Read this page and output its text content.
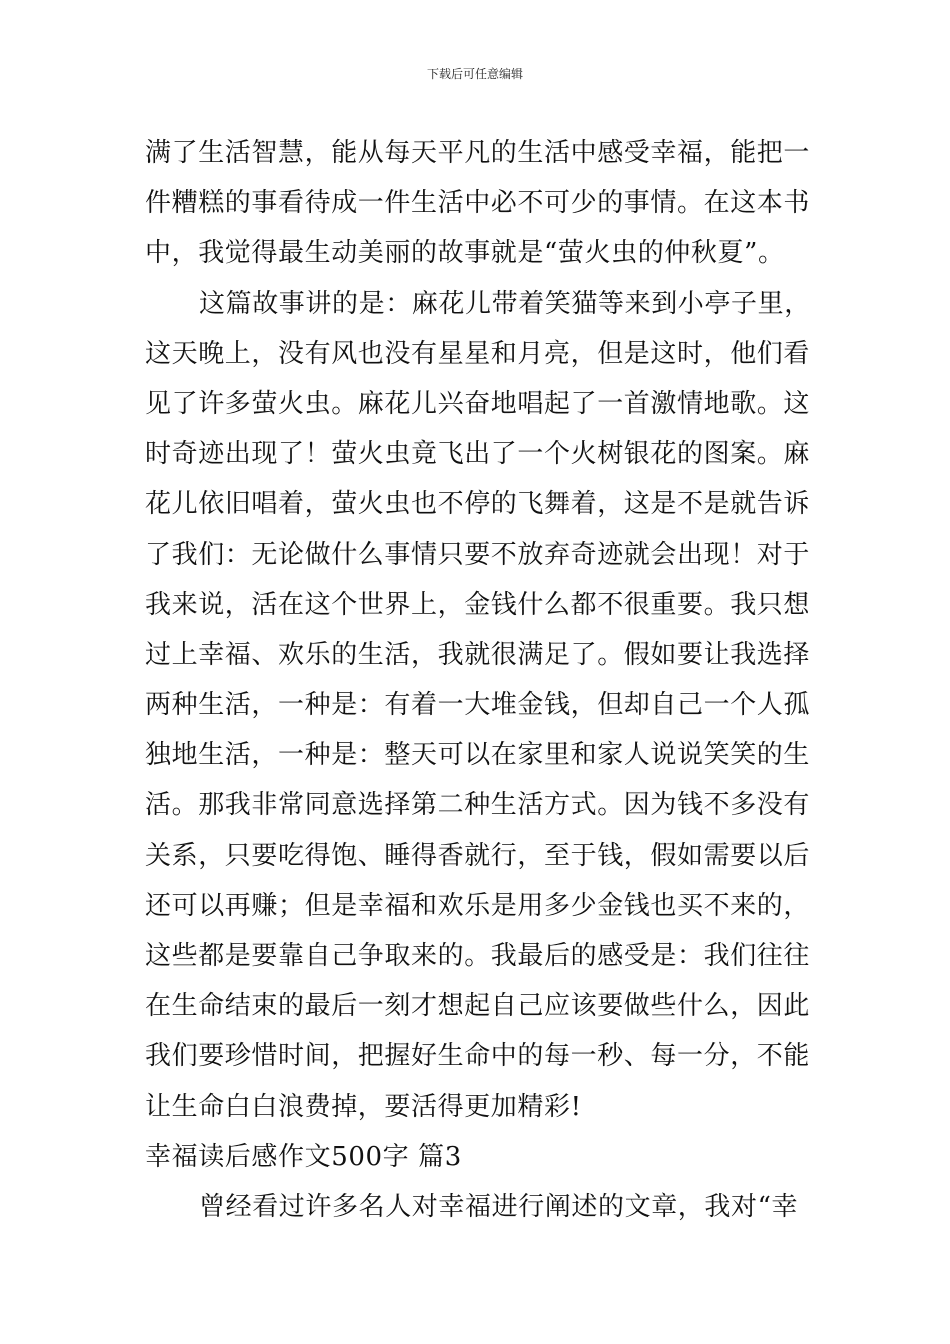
下载后可任意编辑
满了生活智慧，能从每天平凡的生活中感受幸福，能把一
件糟糕的事看待成一件生活中必不可少的事情。在这本书
中，我觉得最生动美丽的故事就是“萤火虫的仲秋夏”。
这篇故事讲的是：麻花儿带着笑猫等来到小亭子里，
这天晚上，没有风也没有星星和月亮，但是这时，他们看
见了许多萤火虫。麻花儿兴奋地唱起了一首激情地歌。这
时奇迹出现了！萤火虫竟飞出了一个火树银花的图案。麻
花儿依旧唱着，萤火虫也不停的飞舞着，这是不是就告诉
了我们：无论做什么事情只要不放弃奇迹就会出现！对于
我来说，活在这个世界上，金钱什么都不很重要。我只想
过上幸福、欢乐的生活，我就很满足了。假如要让我选择
两种生活，一种是：有着一大堆金钱，但却自己一个人孤
独地生活，一种是：整天可以在家里和家人说说笑笑的生
活。那我非常同意选择第二种生活方式。因为钱不多没有
关系，只要吃得饱、睡得香就行，至于钱，假如需要以后
还可以再赚；但是幸福和欢乐是用多少金钱也买不来的，
这些都是要靠自己争取来的。我最后的感受是：我们往往
在生命结束的最后一刻才想起自己应该要做些什么，因此
我们要珍惜时间，把握好生命中的每一秒、每一分，不能
让生命白白浪费掉，要活得更加精彩!
幸福读后感作文500字 篇3
曾经看过许多名人对幸福进行阐述的文章，我对“幸
